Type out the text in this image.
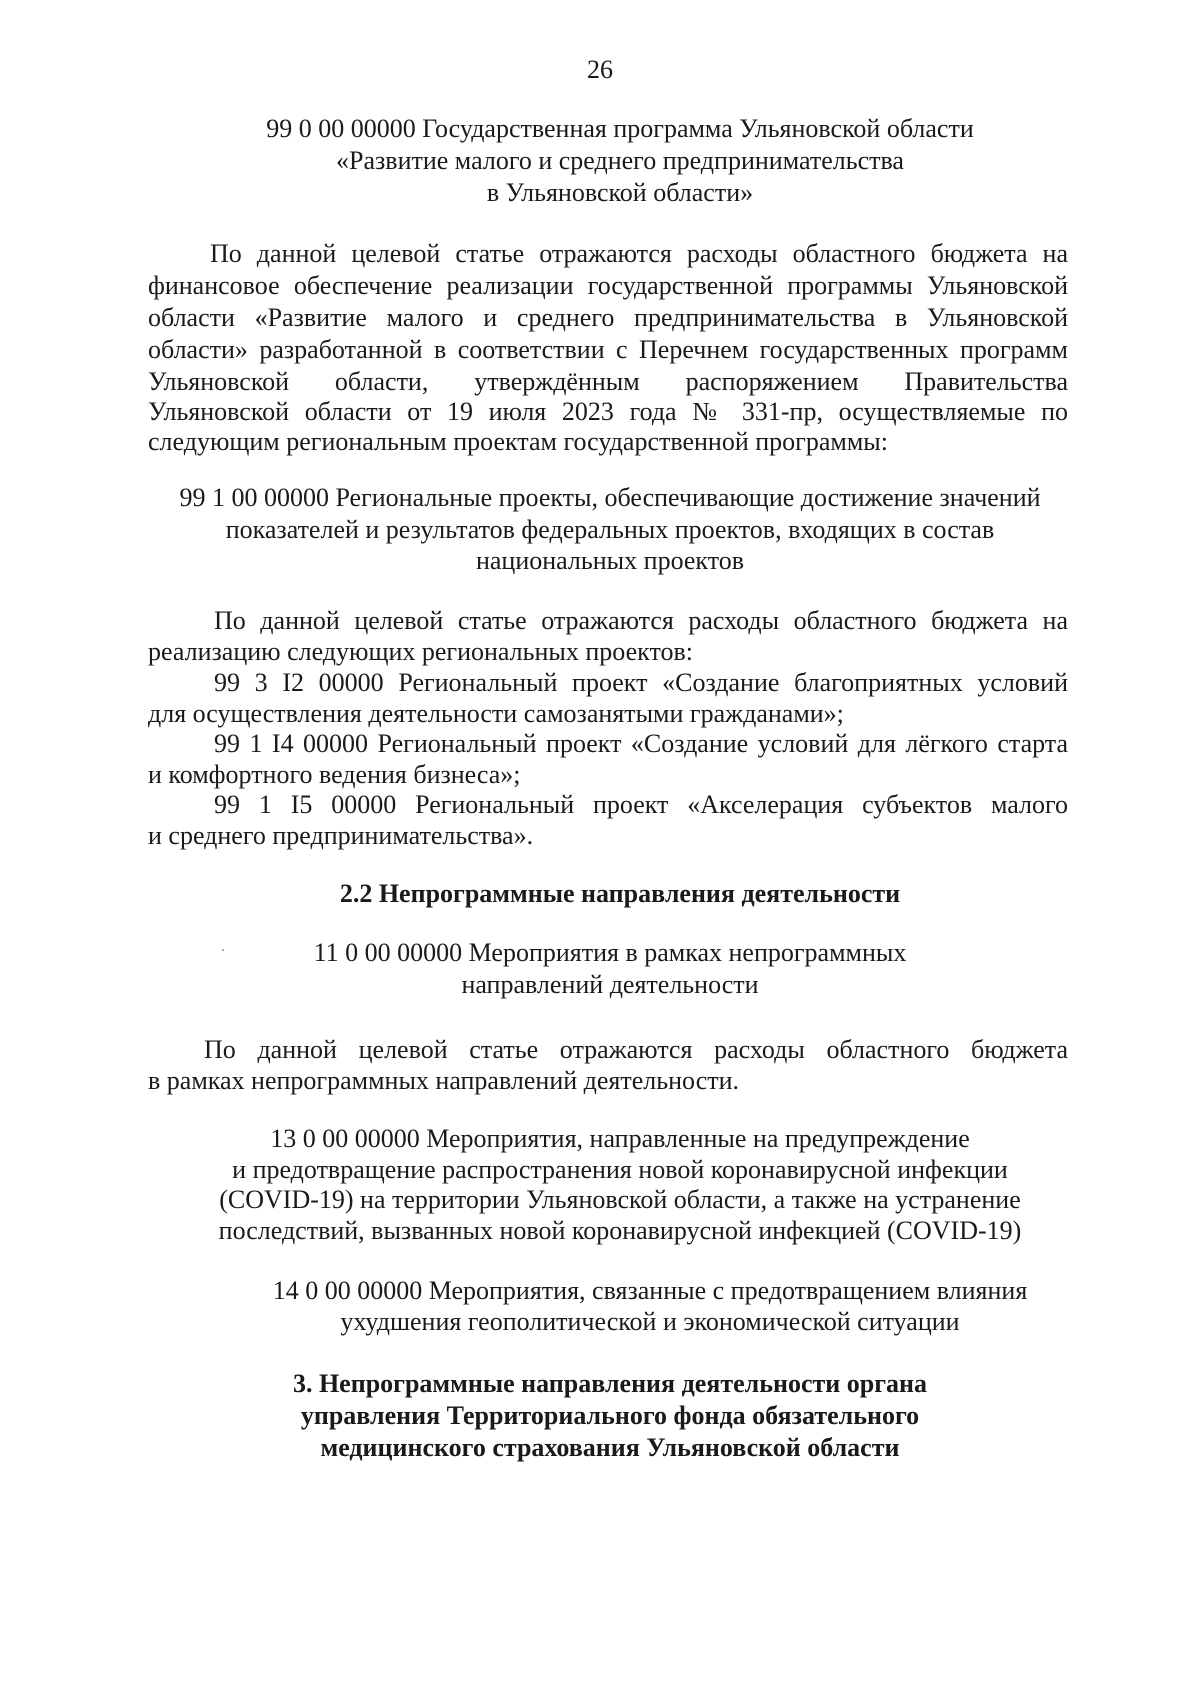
26
99 0 00 00000 Государственная программа Ульяновской области
«Развитие малого и среднего предпринимательства
в Ульяновской области»
По данной целевой статье отражаются расходы областного бюджета на
финансовое обеспечение реализации государственной программы Ульяновской
области «Развитие малого и среднего предпринимательства в Ульяновской
области» разработанной в соответствии с Перечнем государственных программ
Ульяновской области, утверждённым распоряжением Правительства
Ульяновской области от 19 июля 2023 года № 331-пр, осуществляемые по
следующим региональным проектам государственной программы:
99 1 00 00000 Региональные проекты, обеспечивающие достижение значений
показателей и результатов федеральных проектов, входящих в состав
национальных проектов
По данной целевой статье отражаются расходы областного бюджета на
реализацию следующих региональных проектов:
99 3 I2 00000 Региональный проект «Создание благоприятных условий
для осуществления деятельности самозанятыми гражданами»;
99 1 I4 00000 Региональный проект «Создание условий для лёгкого старта
и комфортного ведения бизнеса»;
99 1 I5 00000 Региональный проект «Акселерация субъектов малого
и среднего предпринимательства».
2.2 Непрограммные направления деятельности
11 0 00 00000 Мероприятия в рамках непрограммных
направлений деятельности
По данной целевой статье отражаются расходы областного бюджета
в рамках непрограммных направлений деятельности.
13 0 00 00000 Мероприятия, направленные на предупреждение
и предотвращение распространения новой коронавирусной инфекции
(COVID-19) на территории Ульяновской области, а также на устранение
последствий, вызванных новой коронавирусной инфекцией (COVID-19)
14 0 00 00000 Мероприятия, связанные с предотвращением влияния
ухудшения геополитической и экономической ситуации
3. Непрограммные направления деятельности органа
управления Территориального фонда обязательного
медицинского страхования Ульяновской области
